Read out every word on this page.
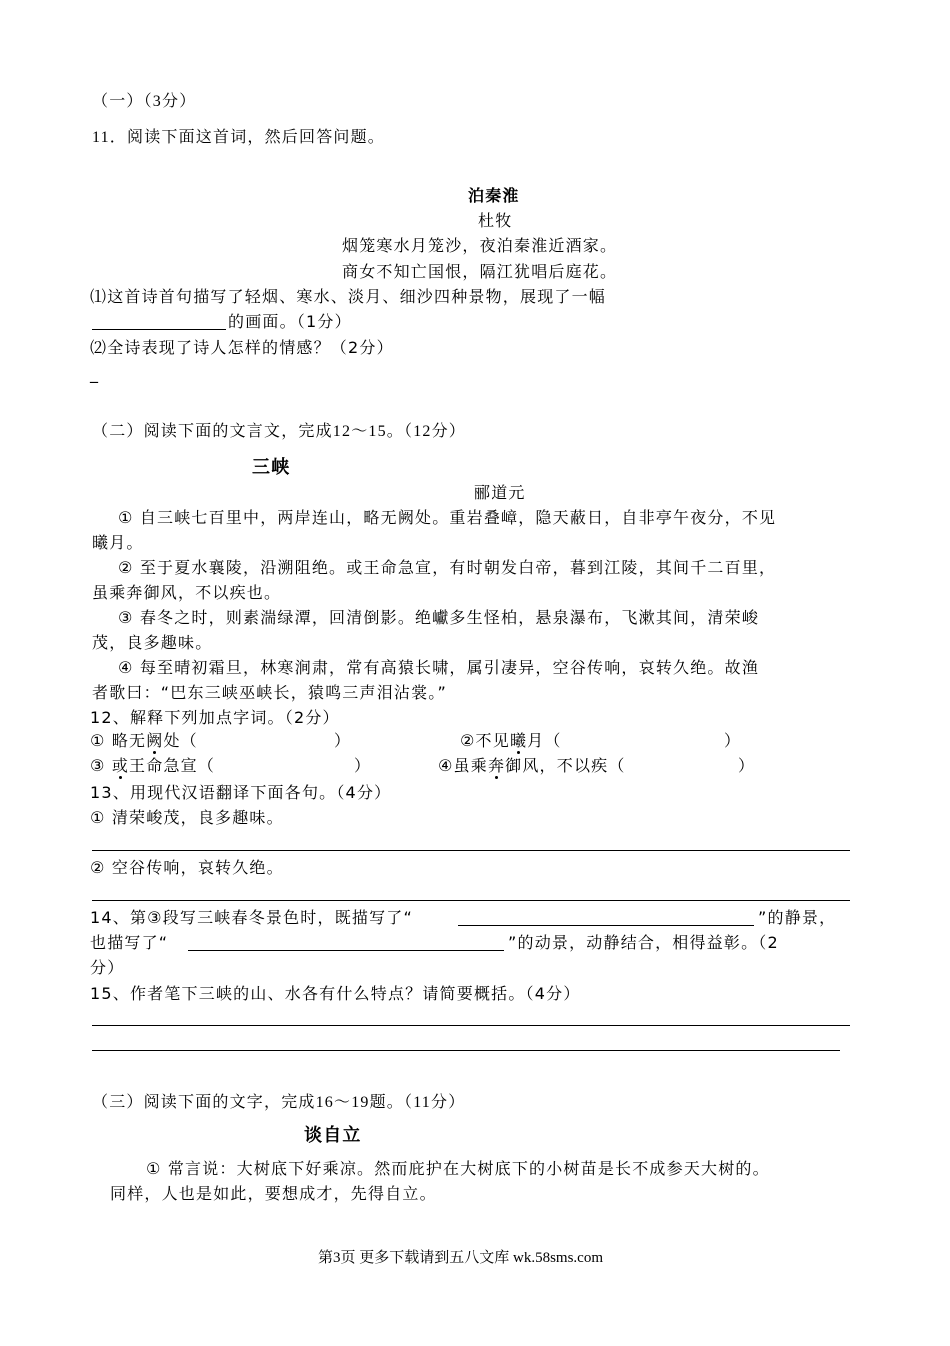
（一）（3分）
11．阅读下面这首词，然后回答问题。
泊秦淮
杜牧
烟笼寒水月笼沙，夜泊秦淮近酒家。
商女不知亡国恨，隔江犹唱后庭花。
⑴这首诗首句描写了轻烟、寒水、淡月、细沙四种景物，展现了一幅
的画面。（1分）
⑵全诗表现了诗人怎样的情感？（2分）
_
（二）阅读下面的文言文，完成12～15。（12分）
三峡
郦道元
① 自三峡七百里中，两岸连山，略无阙处。重岩叠嶂，隐天蔽日，自非亭午夜分，不见
曦月。
② 至于夏水襄陵，沿溯阻绝。或王命急宣，有时朝发白帝，暮到江陵，其间千二百里，
虽乘奔御风，不以疾也。
③ 春冬之时，则素湍绿潭，回清倒影。绝巘多生怪柏，悬泉瀑布，飞漱其间，清荣峻
茂，良多趣味。
④ 每至晴初霜旦，林寒涧肃，常有高猿长啸，属引凄异，空谷传响，哀转久绝。故渔
者歌曰：“巴东三峡巫峡长，猿鸣三声泪沾裳。”
12、解释下列加点字词。（2分）
① 略无阙处（	）	②不见曦月（	）
③ 或王命急宣（	）	④虽乘奔御风，不以疾（	）
13、用现代汉语翻译下面各句。（4分）
① 清荣峻茂，良多趣味。
② 空谷传响，哀转久绝。
14、第③段写三峡春冬景色时，既描写了“	”的静景，
也描写了“	”的动景，动静结合，相得益彰。（2
分）
15、作者笔下三峡的山、水各有什么特点？请简要概括。（4分）
（三）阅读下面的文字，完成16～19题。（11分）
谈自立
① 常言说：大树底下好乘凉。然而庇护在大树底下的小树苗是长不成参天大树的。
同样，人也是如此，要想成才，先得自立。
第3页 更多下载请到五八文库 wk.58sms.com
